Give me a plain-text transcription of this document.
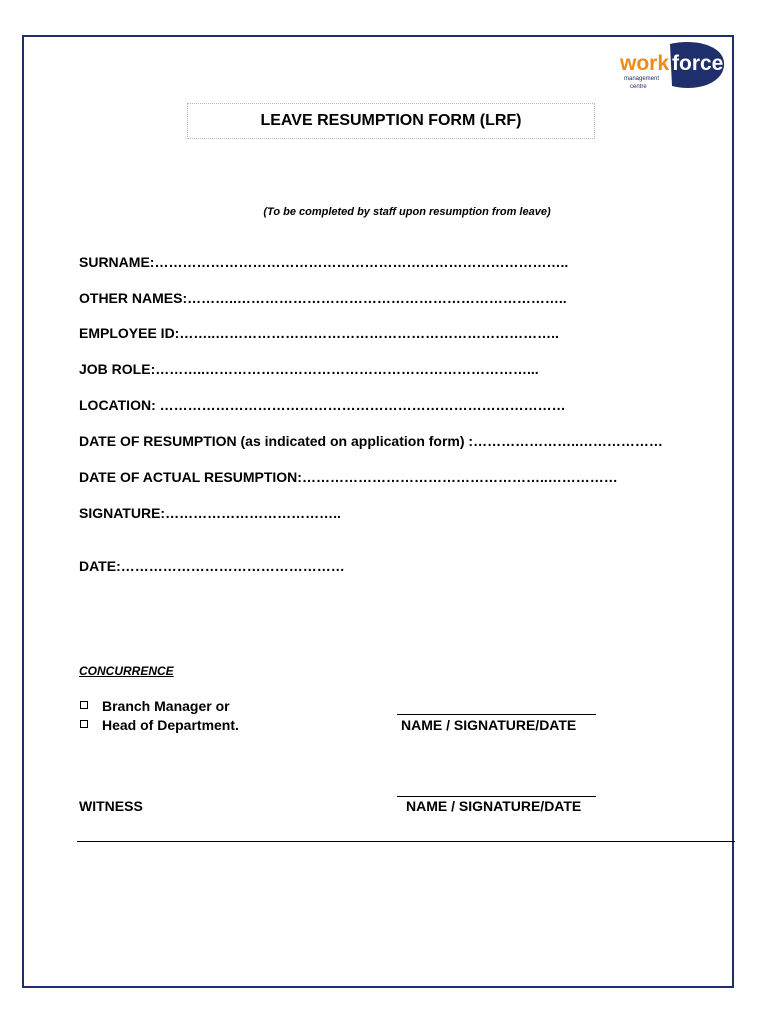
work force
management
centre
LEAVE RESUMPTION FORM (LRF)
(To be completed by staff upon resumption from leave)
SURNAME:……………………………………………………………………………..
OTHER NAMES:………..……………………………………………………………..
EMPLOYEE ID:……..………………………………………………………………..
JOB ROLE:………..……………………………………………………………...
LOCATION: ……………………………………………………………………………
DATE OF RESUMPTION (as indicated on application form) :…………………..………………
DATE OF ACTUAL RESUMPTION:……………………………………………..……………
SIGNATURE:………………………………..
DATE:…………………………………………
CONCURRENCE
Branch Manager or
Head of Department.	NAME / SIGNATURE/DATE
WITNESS	NAME / SIGNATURE/DATE
